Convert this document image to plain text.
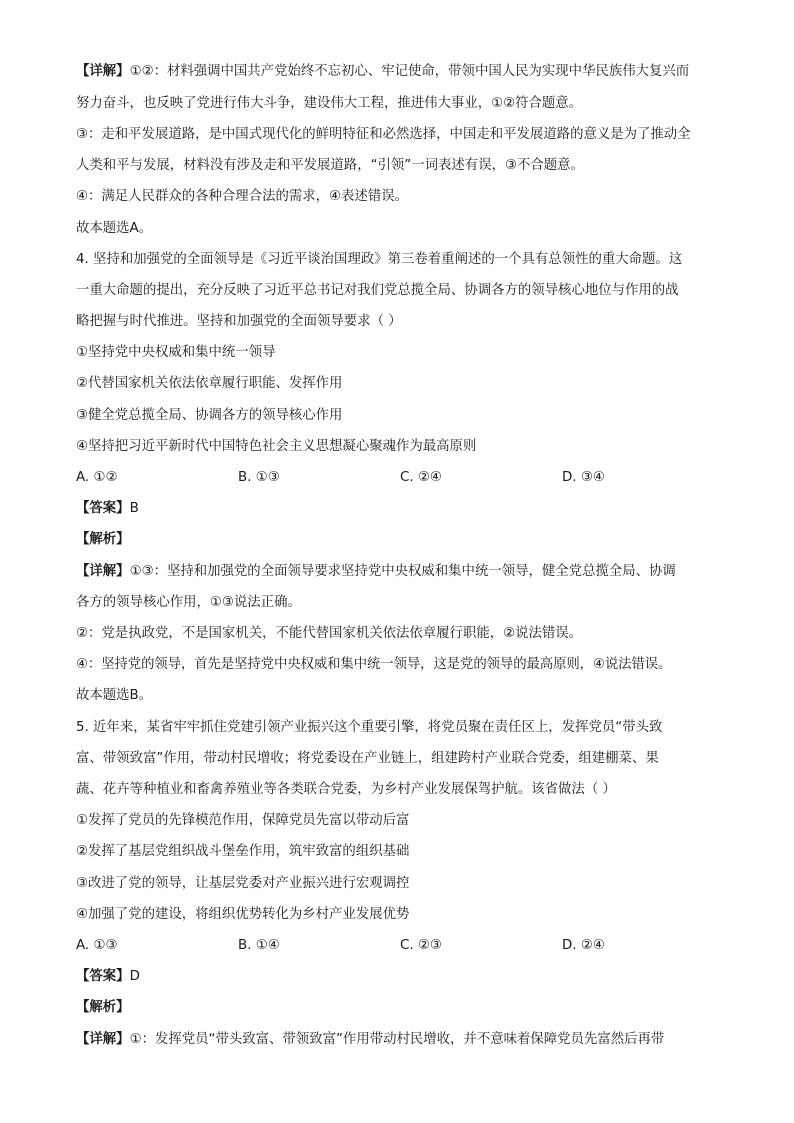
【详解】①②：材料强调中国共产党始终不忘初心、牢记使命，带领中国人民为实现中华民族伟大复兴而
努力奋斗，也反映了党进行伟大斗争，建设伟大工程，推进伟大事业，①②符合题意。
③：走和平发展道路，是中国式现代化的鲜明特征和必然选择，中国走和平发展道路的意义是为了推动全
人类和平与发展，材料没有涉及走和平发展道路，“引领”一词表述有误，③不合题意。
④：满足人民群众的各种合理合法的需求，④表述错误。
故本题选A。
4. 坚持和加强党的全面领导是《习近平谈治国理政》第三卷着重阐述的一个具有总领性的重大命题。这
一重大命题的提出，充分反映了习近平总书记对我们党总揽全局、协调各方的领导核心地位与作用的战
略把握与时代推进。坚持和加强党的全面领导要求（ ）
①坚持党中央权威和集中统一领导
②代替国家机关依法依章履行职能、发挥作用
③健全党总揽全局、协调各方的领导核心作用
④坚持把习近平新时代中国特色社会主义思想凝心聚魂作为最高原则
A. ①②	B. ①③	C. ②④	D. ③④
【答案】B
【解析】
【详解】①③：坚持和加强党的全面领导要求坚持党中央权威和集中统一领导，健全党总揽全局、协调
各方的领导核心作用，①③说法正确。
②：党是执政党，不是国家机关，不能代替国家机关依法依章履行职能，②说法错误。
④：坚持党的领导，首先是坚持党中央权威和集中统一领导，这是党的领导的最高原则，④说法错误。
故本题选B。
5. 近年来，某省牢牢抓住党建引领产业振兴这个重要引擎，将党员聚在责任区上，发挥党员“带头致
富、带领致富”作用，带动村民增收；将党委设在产业链上，组建跨村产业联合党委，组建棚菜、果
蔬、花卉等种植业和畜禽养殖业等各类联合党委，为乡村产业发展保驾护航。该省做法（ ）
①发挥了党员的先锋模范作用，保障党员先富以带动后富
②发挥了基层党组织战斗堡垒作用，筑牢致富的组织基础
③改进了党的领导，让基层党委对产业振兴进行宏观调控
④加强了党的建设，将组织优势转化为乡村产业发展优势
A. ①③	B. ①④	C. ②③	D. ②④
【答案】D
【解析】
【详解】①：发挥党员“带头致富、带领致富”作用带动村民增收，并不意味着保障党员先富然后再带
